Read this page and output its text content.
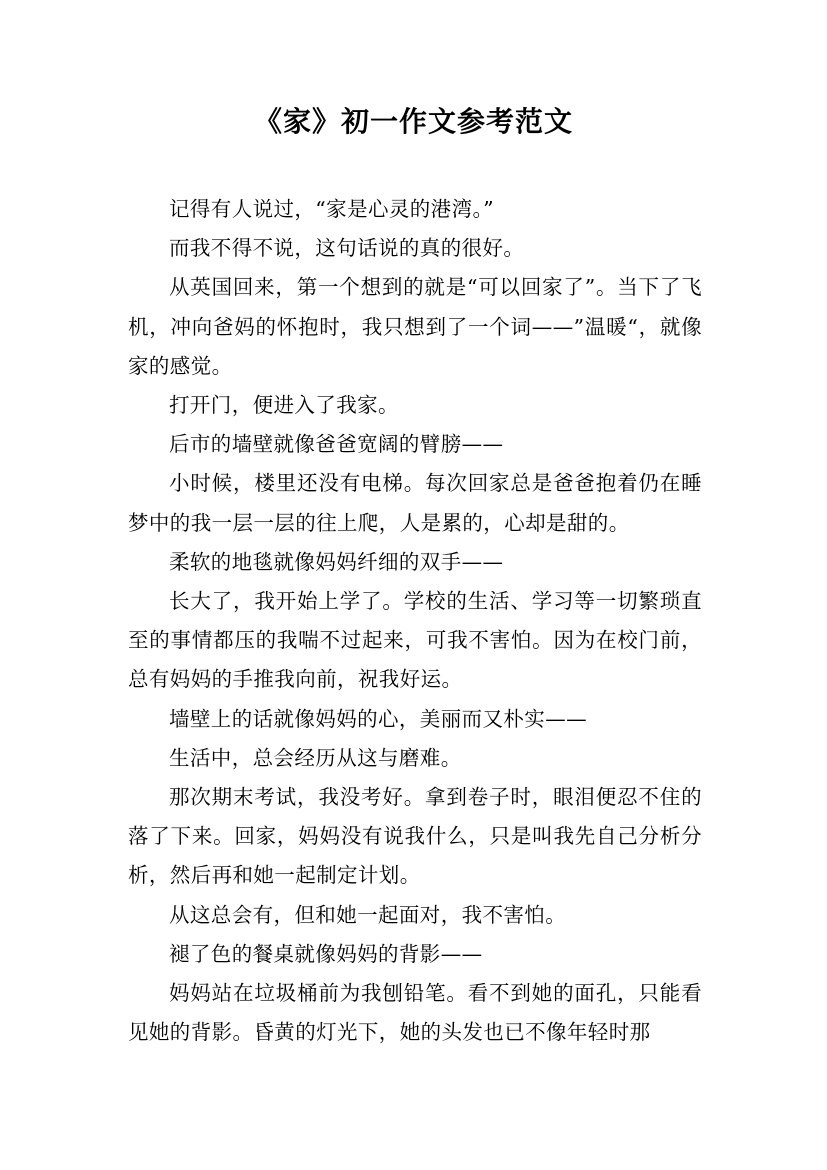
《家》初一作文参考范文

记得有人说过，“家是心灵的港湾。”

而我不得不说，这句话说的真的很好。

从英国回来，第一个想到的就是“可以回家了”。当下了飞机，冲向爸妈的怀抱时，我只想到了一个词——”温暖“，就像家的感觉。

打开门，便进入了我家。

后市的墙壁就像爸爸宽阔的臂膀——

小时候，楼里还没有电梯。每次回家总是爸爸抱着仍在睡梦中的我一层一层的往上爬，人是累的，心却是甜的。

柔软的地毯就像妈妈纤细的双手——

长大了，我开始上学了。学校的生活、学习等一切繁琐直至的事情都压的我喘不过起来，可我不害怕。因为在校门前，总有妈妈的手推我向前，祝我好运。

墙壁上的话就像妈妈的心，美丽而又朴实——

生活中，总会经历从这与磨难。

那次期末考试，我没考好。拿到卷子时，眼泪便忍不住的落了下来。回家，妈妈没有说我什么，只是叫我先自己分析分析，然后再和她一起制定计划。

从这总会有，但和她一起面对，我不害怕。

褪了色的餐桌就像妈妈的背影——

妈妈站在垃圾桶前为我刨铅笔。看不到她的面孔，只能看见她的背影。昏黄的灯光下，她的头发也已不像年轻时那
